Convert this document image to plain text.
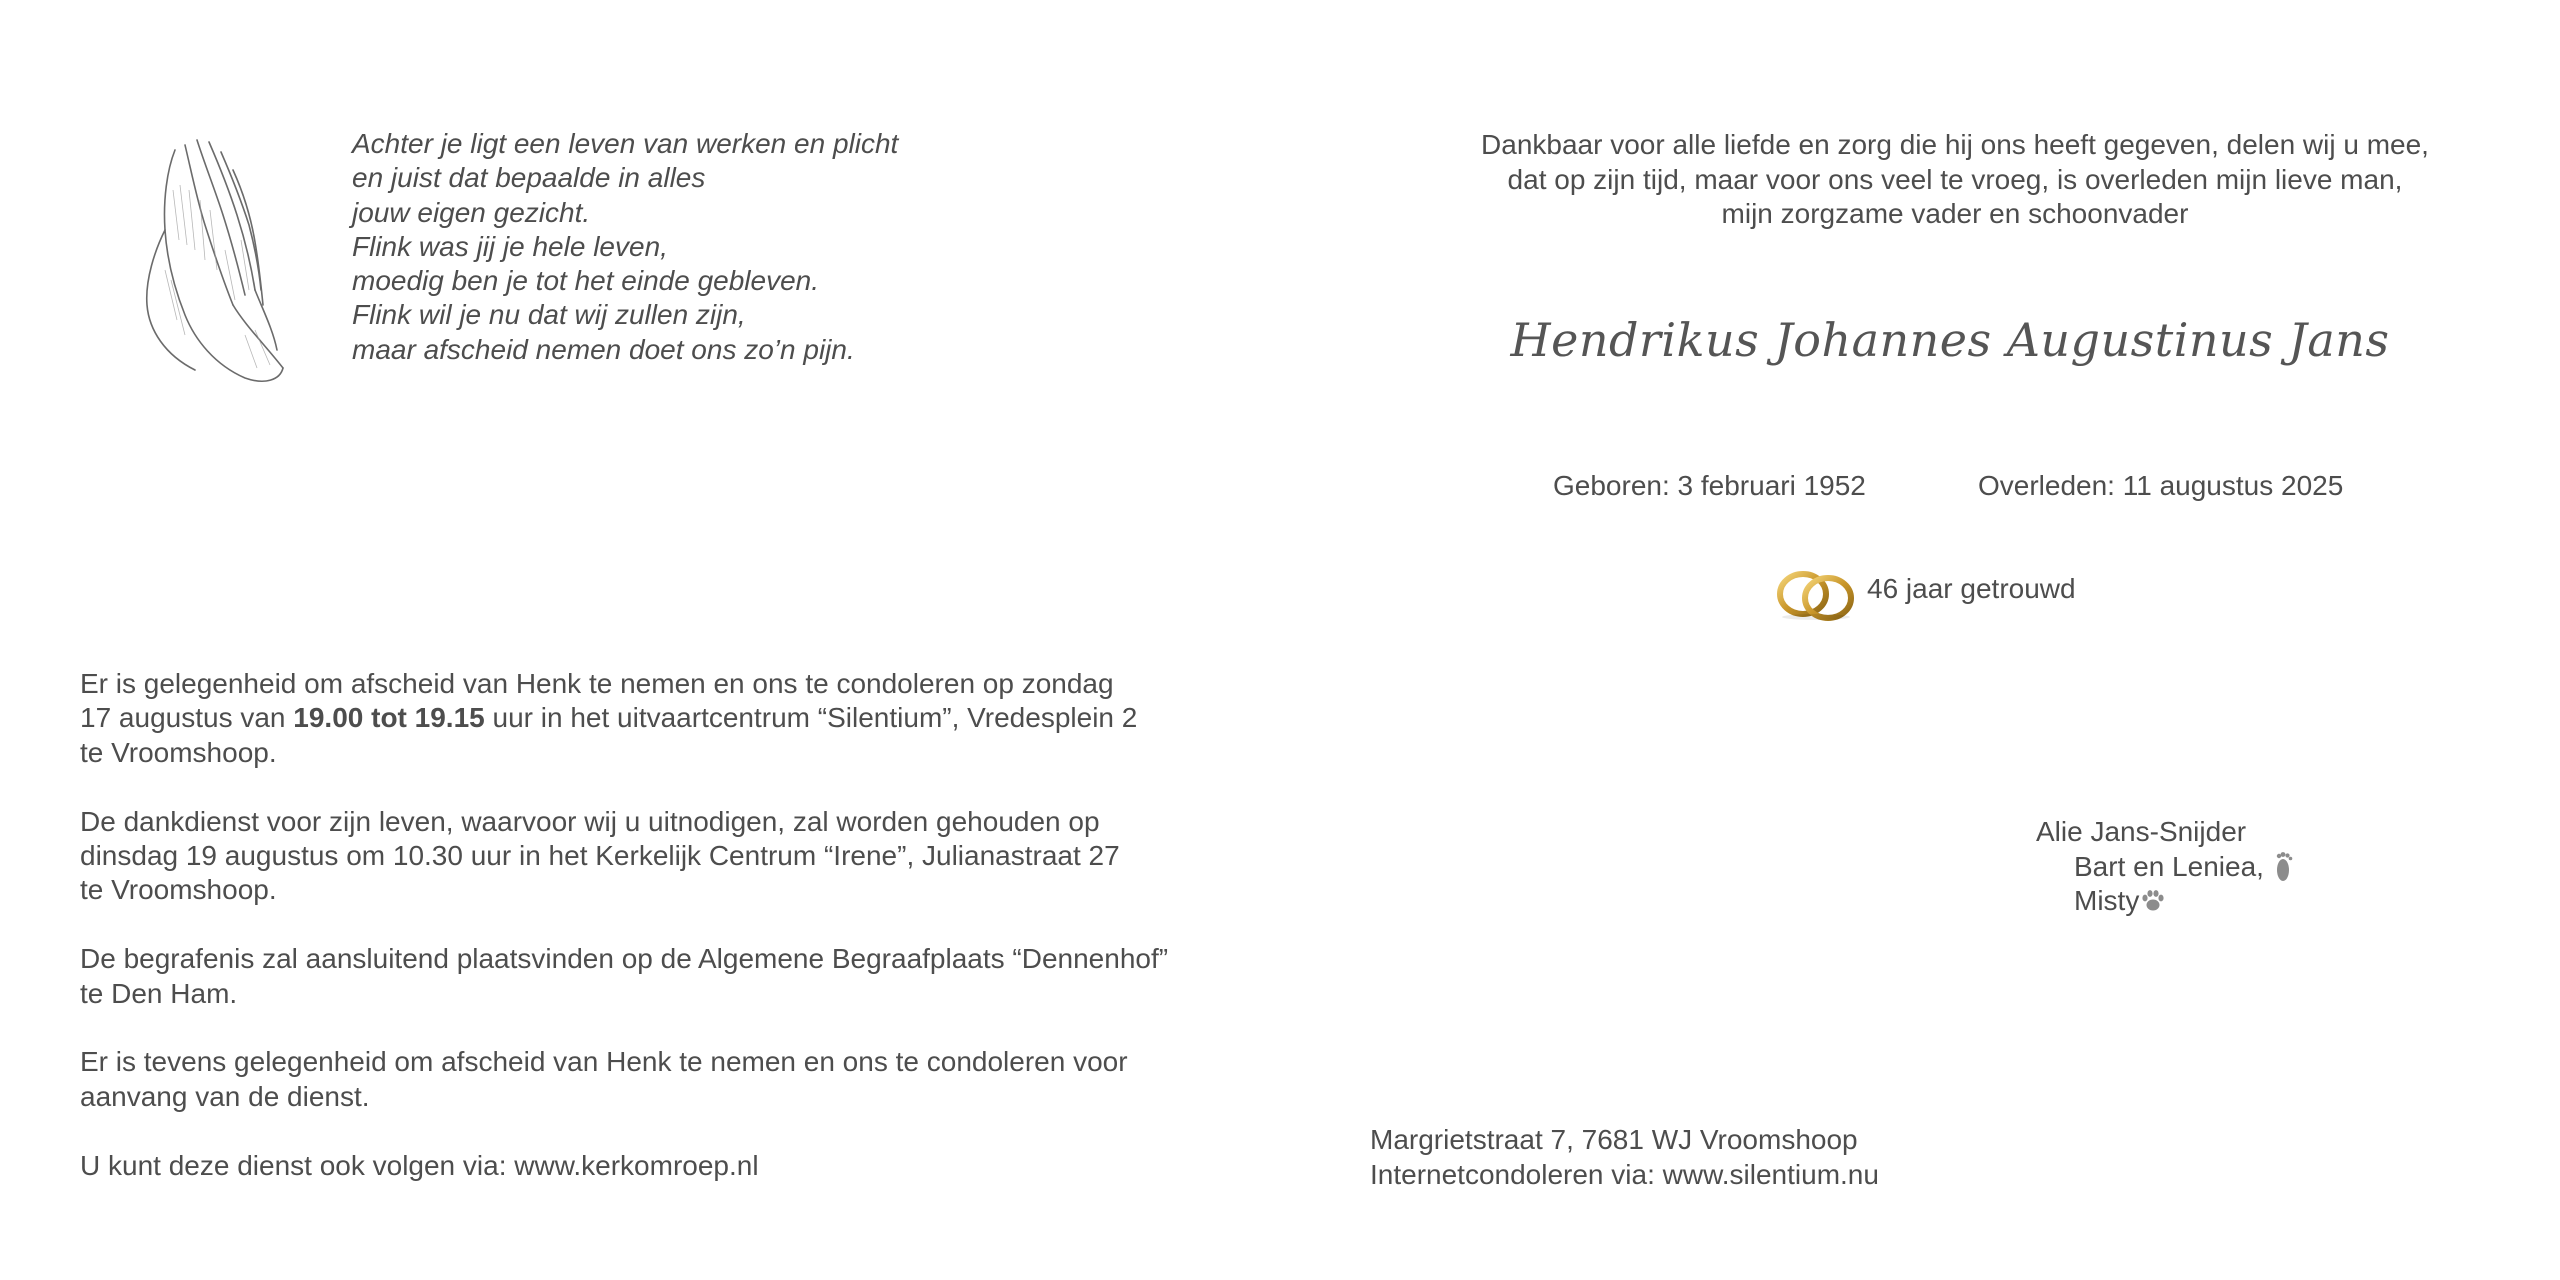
Achter je ligt een leven van werken en plicht
en juist dat bepaalde in alles
jouw eigen gezicht.
Flink was jij je hele leven,
moedig ben je tot het einde gebleven.
Flink wil je nu dat wij zullen zijn,
maar afscheid nemen doet ons zo’n pijn.
Dankbaar voor alle liefde en zorg die hij ons heeft gegeven, delen wij u mee,
dat op zijn tijd, maar voor ons veel te vroeg, is overleden mijn lieve man,
mijn zorgzame vader en schoonvader
Hendrikus Johannes Augustinus Jans
Geboren: 3 februari 1952	Overleden: 11 augustus 2025
46 jaar getrouwd
Alie Jans-Snijder
Bart en Leniea,
Misty

Er is gelegenheid om afscheid van Henk te nemen en ons te condoleren op zondag
17 augustus van 19.00 tot 19.15 uur in het uitvaartcentrum “Silentium”, Vredesplein 2
te Vroomshoop.

De dankdienst voor zijn leven, waarvoor wij u uitnodigen, zal worden gehouden op
dinsdag 19 augustus om 10.30 uur in het Kerkelijk Centrum “Irene”, Julianastraat 27
te Vroomshoop.

De begrafenis zal aansluitend plaatsvinden op de Algemene Begraafplaats “Dennenhof”
te Den Ham.

Er is tevens gelegenheid om afscheid van Henk te nemen en ons te condoleren voor
aanvang van de dienst.

U kunt deze dienst ook volgen via: www.kerkomroep.nl

Margrietstraat 7, 7681 WJ Vroomshoop
Internetcondoleren via: www.silentium.nu
